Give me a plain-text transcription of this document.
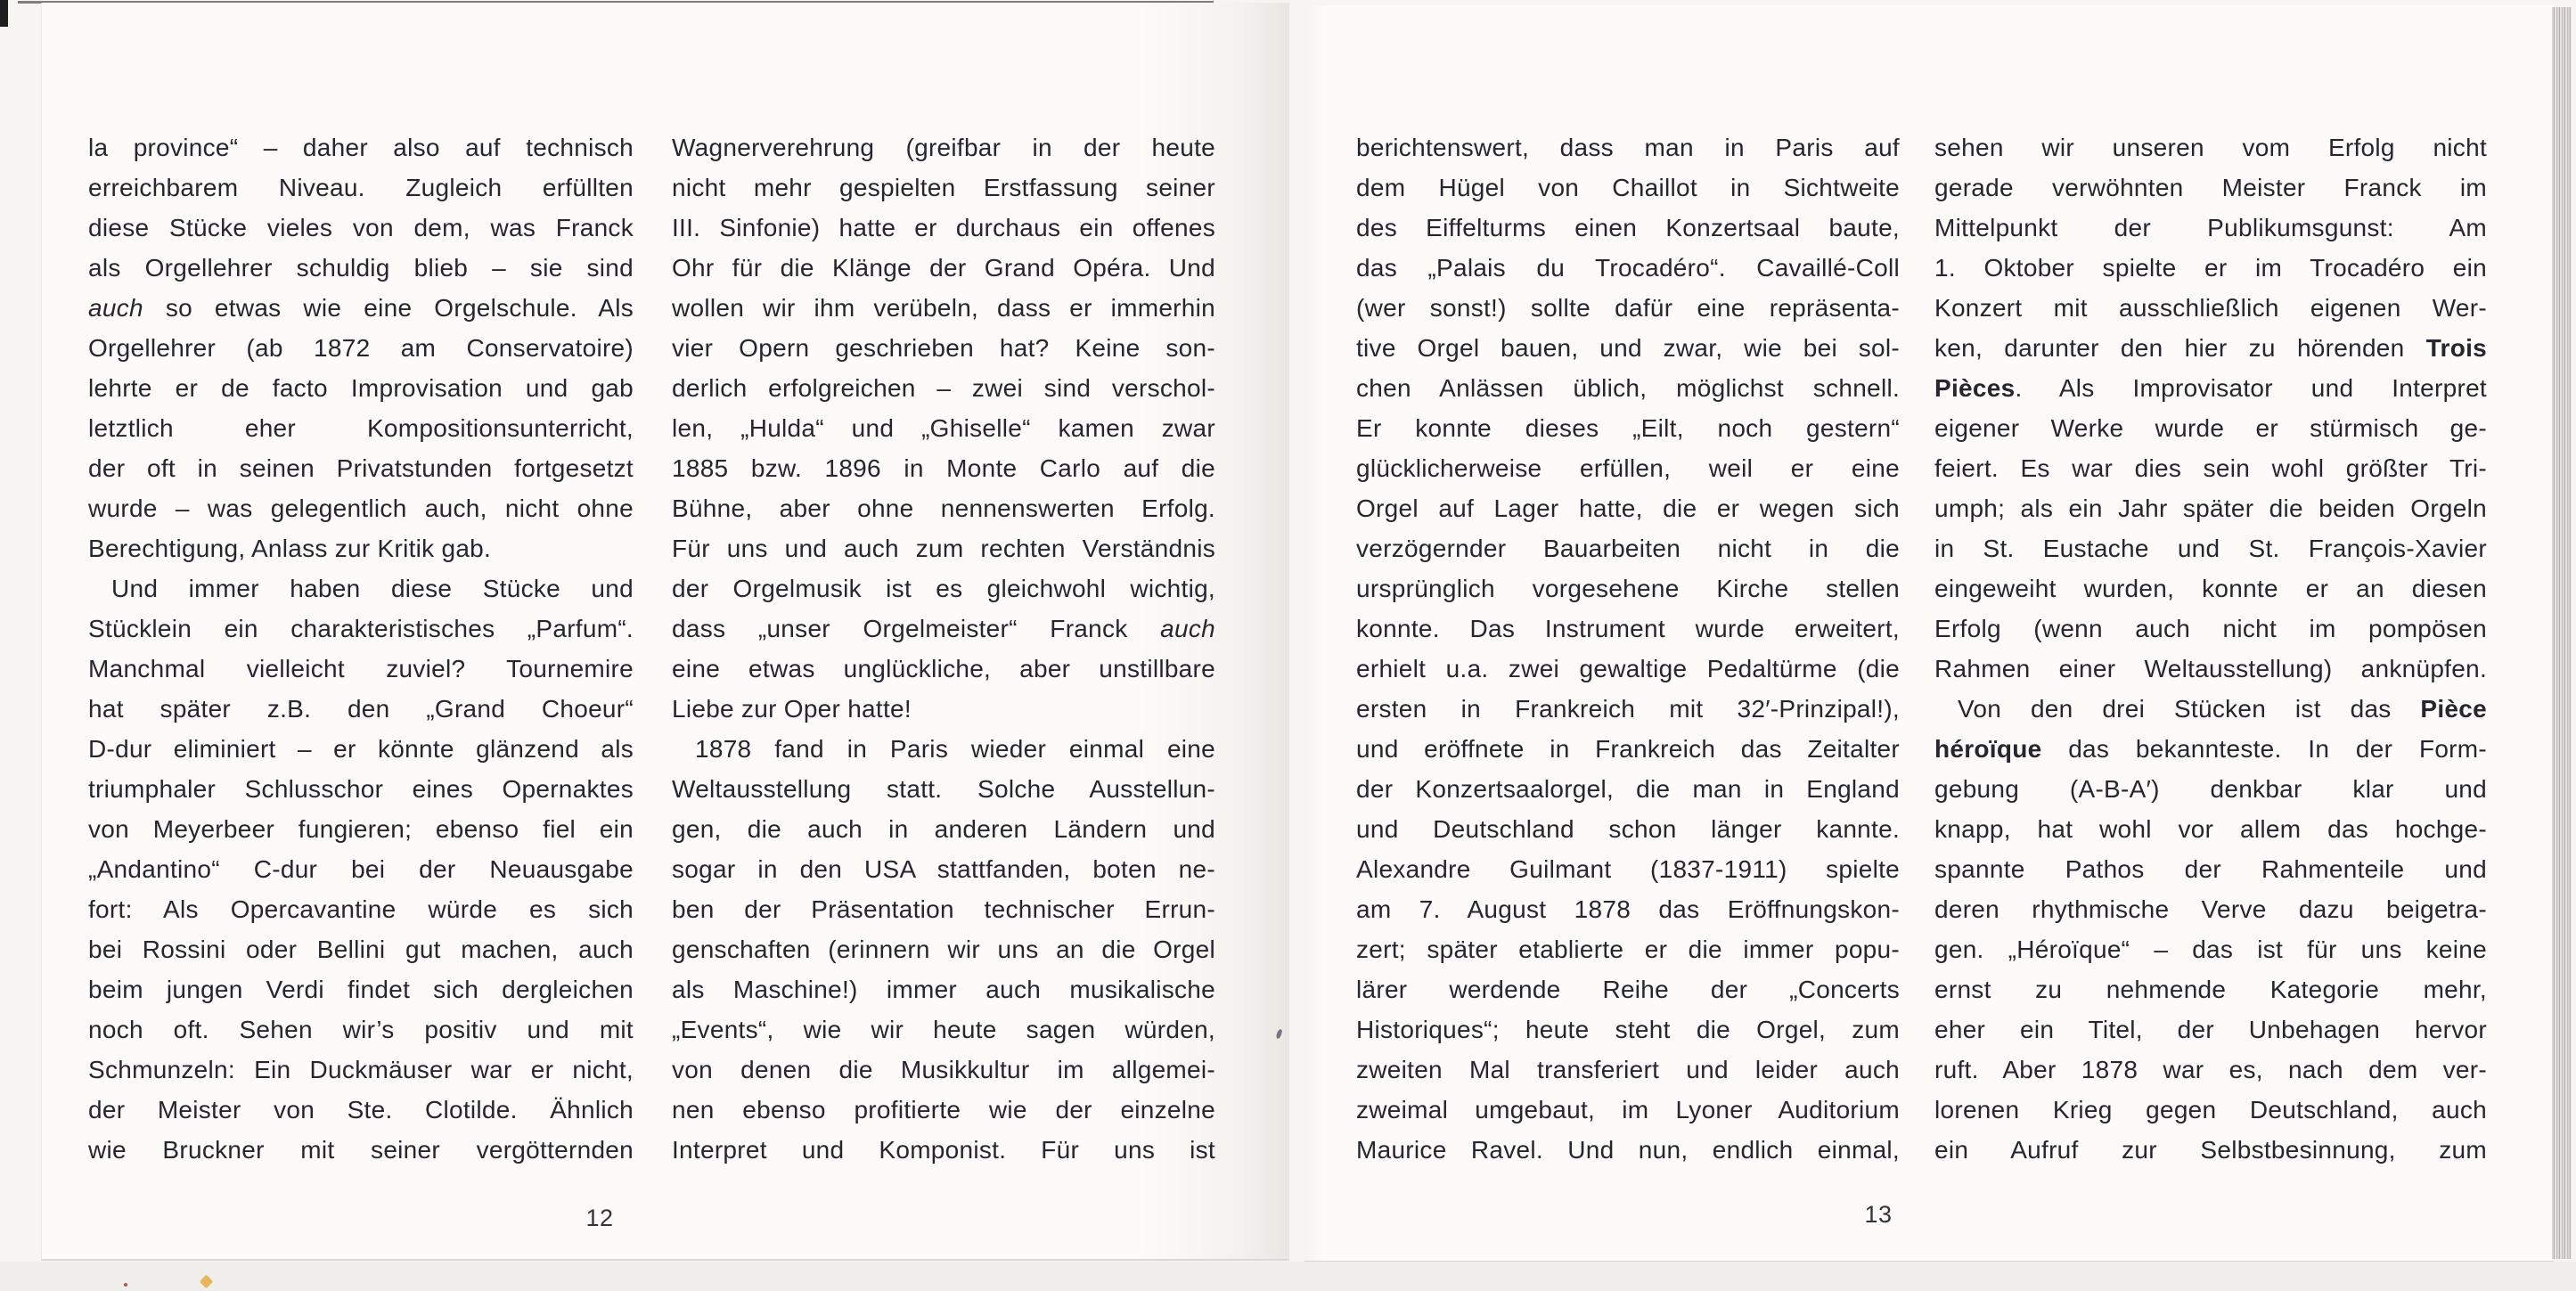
la province“ – daher also auf technisch
erreichbarem Niveau. Zugleich erfüllten
diese Stücke vieles von dem, was Franck
als Orgellehrer schuldig blieb – sie sind
auch so etwas wie eine Orgelschule. Als
Orgellehrer (ab 1872 am Conservatoire)
lehrte er de facto Improvisation und gab
letztlich eher Kompositionsunterricht,
der oft in seinen Privatstunden fortgesetzt
wurde – was gelegentlich auch, nicht ohne
Berechtigung, Anlass zur Kritik gab.
Und immer haben diese Stücke und
Stücklein ein charakteristisches „Parfum“.
Manchmal vielleicht zuviel? Tournemire
hat später z.B. den „Grand Choeur“
D-dur eliminiert – er könnte glänzend als
triumphaler Schlusschor eines Opernaktes
von Meyerbeer fungieren; ebenso fiel ein
„Andantino“ C-dur bei der Neuausgabe
fort: Als Opercavantine würde es sich
bei Rossini oder Bellini gut machen, auch
beim jungen Verdi findet sich dergleichen
noch oft. Sehen wir’s positiv und mit
Schmunzeln: Ein Duckmäuser war er nicht,
der Meister von Ste. Clotilde. Ähnlich
wie Bruckner mit seiner vergötternden
Wagnerverehrung (greifbar in der heute
nicht mehr gespielten Erstfassung seiner
III. Sinfonie) hatte er durchaus ein offenes
Ohr für die Klänge der Grand Opéra. Und
wollen wir ihm verübeln, dass er immerhin
vier Opern geschrieben hat? Keine son-
derlich erfolgreichen – zwei sind verschol-
len, „Hulda“ und „Ghiselle“ kamen zwar
1885 bzw. 1896 in Monte Carlo auf die
Bühne, aber ohne nennenswerten Erfolg.
Für uns und auch zum rechten Verständnis
der Orgelmusik ist es gleichwohl wichtig,
dass „unser Orgelmeister“ Franck auch
eine etwas unglückliche, aber unstillbare
Liebe zur Oper hatte!
1878 fand in Paris wieder einmal eine
Weltausstellung statt. Solche Ausstellun-
gen, die auch in anderen Ländern und
sogar in den USA stattfanden, boten ne-
ben der Präsentation technischer Errun-
genschaften (erinnern wir uns an die Orgel
als Maschine!) immer auch musikalische
„Events“, wie wir heute sagen würden,
von denen die Musikkultur im allgemei-
nen ebenso profitierte wie der einzelne
Interpret und Komponist. Für uns ist
12
berichtenswert, dass man in Paris auf
dem Hügel von Chaillot in Sichtweite
des Eiffelturms einen Konzertsaal baute,
das „Palais du Trocadéro“. Cavaillé-Coll
(wer sonst!) sollte dafür eine repräsenta-
tive Orgel bauen, und zwar, wie bei sol-
chen Anlässen üblich, möglichst schnell.
Er konnte dieses „Eilt, noch gestern“
glücklicherweise erfüllen, weil er eine
Orgel auf Lager hatte, die er wegen sich
verzögernder Bauarbeiten nicht in die
ursprünglich vorgesehene Kirche stellen
konnte. Das Instrument wurde erweitert,
erhielt u.a. zwei gewaltige Pedaltürme (die
ersten in Frankreich mit 32′-Prinzipal!),
und eröffnete in Frankreich das Zeitalter
der Konzertsaalorgel, die man in England
und Deutschland schon länger kannte.
Alexandre Guilmant (1837-1911) spielte
am 7. August 1878 das Eröffnungskon-
zert; später etablierte er die immer popu-
lärer werdende Reihe der „Concerts
Historiques“; heute steht die Orgel, zum
zweiten Mal transferiert und leider auch
zweimal umgebaut, im Lyoner Auditorium
Maurice Ravel. Und nun, endlich einmal,
sehen wir unseren vom Erfolg nicht
gerade verwöhnten Meister Franck im
Mittelpunkt der Publikumsgunst: Am
1. Oktober spielte er im Trocadéro ein
Konzert mit ausschließlich eigenen Wer-
ken, darunter den hier zu hörenden Trois
Pièces. Als Improvisator und Interpret
eigener Werke wurde er stürmisch ge-
feiert. Es war dies sein wohl größter Tri-
umph; als ein Jahr später die beiden Orgeln
in St. Eustache und St. François-Xavier
eingeweiht wurden, konnte er an diesen
Erfolg (wenn auch nicht im pompösen
Rahmen einer Weltausstellung) anknüpfen.
Von den drei Stücken ist das Pièce
héroïque das bekannteste. In der Form-
gebung (A-B-A′) denkbar klar und
knapp, hat wohl vor allem das hochge-
spannte Pathos der Rahmenteile und
deren rhythmische Verve dazu beigetra-
gen. „Héroïque“ – das ist für uns keine
ernst zu nehmende Kategorie mehr,
eher ein Titel, der Unbehagen hervor
ruft. Aber 1878 war es, nach dem ver-
lorenen Krieg gegen Deutschland, auch
ein Aufruf zur Selbstbesinnung, zum
13
